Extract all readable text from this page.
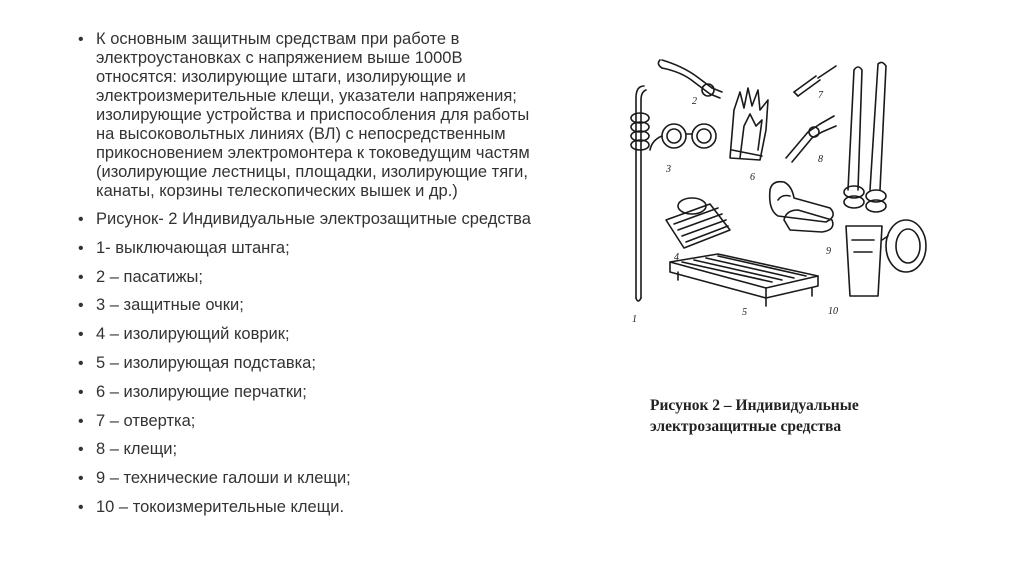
• К основным защитным средствам при работе в
электроустановках с напряжением выше 1000В
относятся: изолирующие штаги, изолирующие и
электроизмерительные клещи, указатели напряжения;
изолирующие устройства и приспособления для работы
на высоковольтных линиях (ВЛ) с непосредственным
прикосновением электромонтера к токоведущим частям
(изолирующие лестницы, площадки, изолирующие тяги,
канаты, корзины телескопических вышек и др.)
• Рисунок- 2 Индивидуальные электрозащитные средства
• 1- выключающая штанга;
• 2 – пасатижы;
• 3 – защитные очки;
• 4 – изолирующий коврик;
• 5 – изолирующая подставка;
• 6 – изолирующие перчатки;
• 7 – отвертка;
• 8 – клещи;
• 9 – технические галоши и клещи;
• 10 – токоизмерительные клещи.
1
2
3
4
5
6
7
8
9
10
Рисунок 2 – Индивидуальные
электрозащитные средства
